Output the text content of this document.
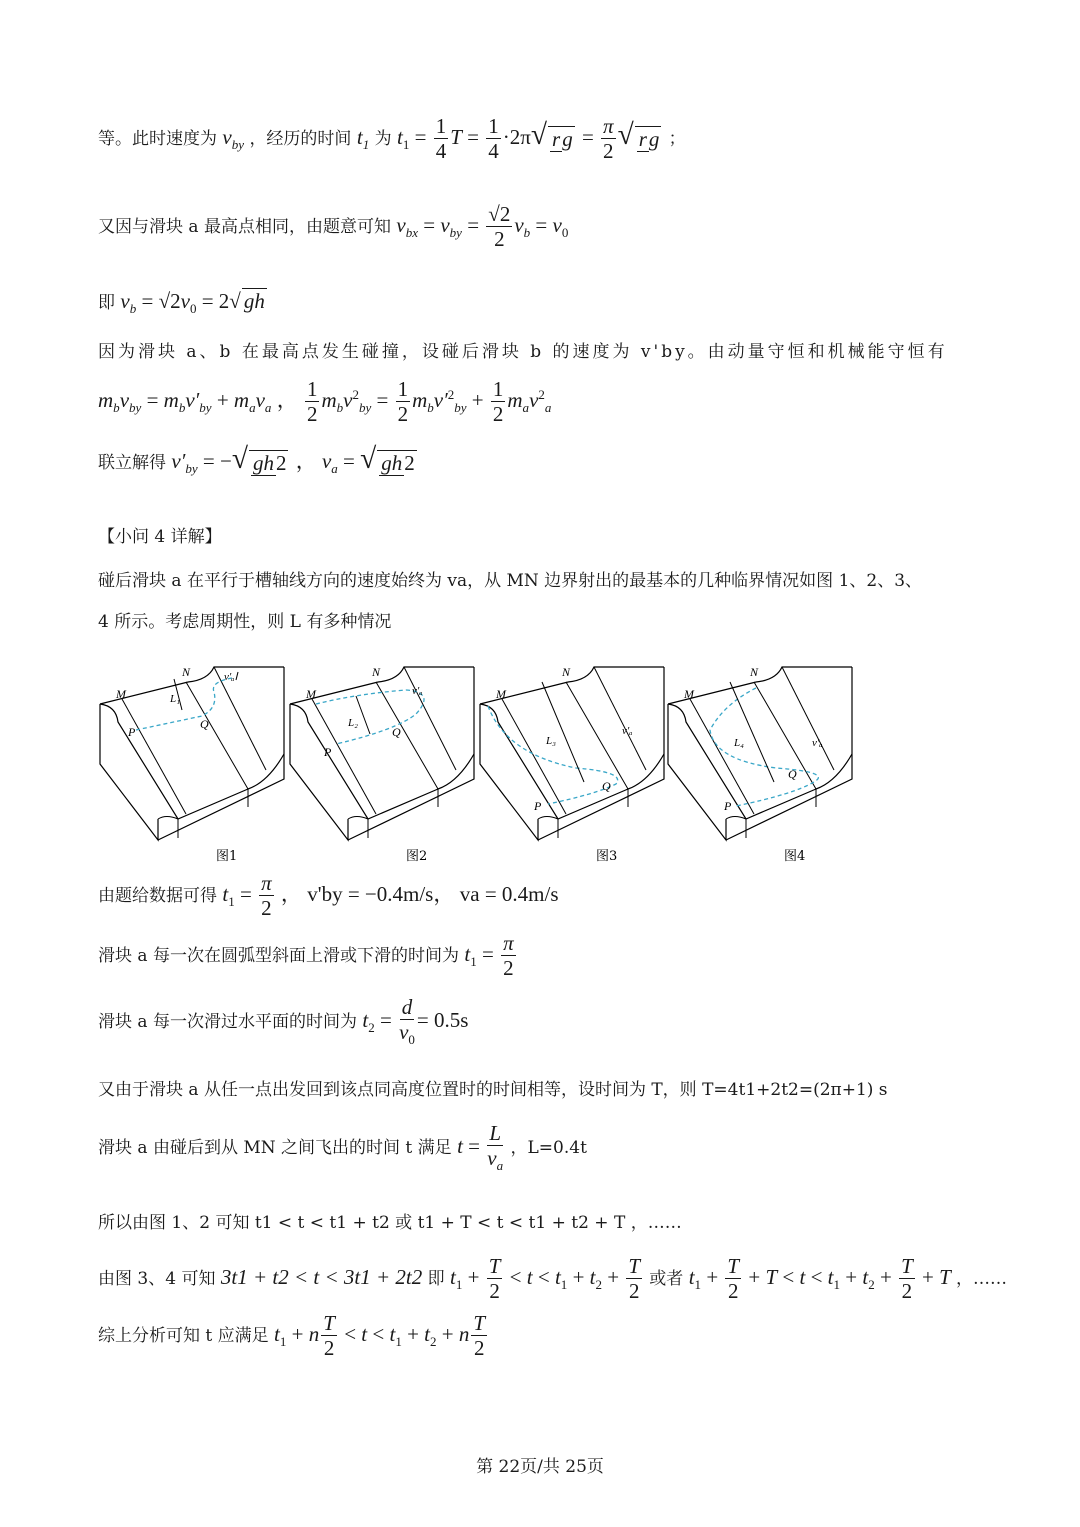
等。此时速度为 $v_{by}$ ，经历的时间 $t_1$ 为 $t_1 = \frac{1}{4}$ $T = \frac{1}{4} \cdot 2\pi√$ rg = $\frac{\pi}{2}$ √ rg ；
又因与滑块 a 最高点相同，由题意可知 $v_{bx} = v_{by} = \frac{√2}{2} v_b = v_0$
即 $v_b = √2v_0 = 2√$ gh
因为滑块 a、b 在最高点发生碰撞，设碰后滑块 b 的速度为 v'by。由动量守恒和机械能守恒有
$m_bv_{by} = m_bv'_{by} + m_av_a$ ， $\frac{1}{2} m_bv^2_{by} = \frac{1}{2} m_bv'^2_{by} + \frac{1}{2} m_av^2_a$
联立解得 $v'_{by}$ = −√ gh2 ， $v_a$ = √ gh2
【小问 4 详解】
碰后滑块 a 在平行于槽轴线方向的速度始终为 va，从 MN 边界射出的最基本的几种临界情况如图 1、2、3、
4 所示。考虑周期性，则 L 有多种情况
M
N
P
Q
L₁
v′ₐ
图1
M
N
P
Q
L₂
v′ₐ
图2
M
N
P
Q
L₃
v′ₐ
图3
M
N
P
Q
L₄	v′ₐ
图4
由题给数据可得 $t_1 = \frac{\pi}{2}$ ， v'by = −0.4m/s， va = 0.4m/s
滑块 a 每一次在圆弧型斜面上滑或下滑的时间为 $t_1 = \frac{\pi}{2}$
滑块 a 每一次滑过水平面的时间为 $t_2 = \frac{d}{v_0} = 0.5s$
又由于滑块 a 从任一点出发回到该点同高度位置时的时间相等，设时间为 T，则 T=4t1+2t2=(2π+1) s
滑块 a 由碰后到从 MN 之间飞出的时间 t 满足 $t = \frac{L}{v_a}$ ，L=0.4t
所以由图 1、2 可知 t1 < t < t1 + t2 或 t1 + T < t < t1 + t2 + T ，……
由图 3、4 可知 3t1 + t2 < t < 3t1 + 2t2 即 $t_1 + \frac{T}{2} < t < t_1 + t_2 + \frac{T}{2}$ 或者 $t_1 + \frac{T}{2} + T < t < t_1 + t_2 + \frac{T}{2} + T$ ，……
综上分析可知 t 应满足 $t_1 + n \frac{T}{2} < t < t_1 + t_2 + n \frac{T}{2}$
第 22页/共 25页
